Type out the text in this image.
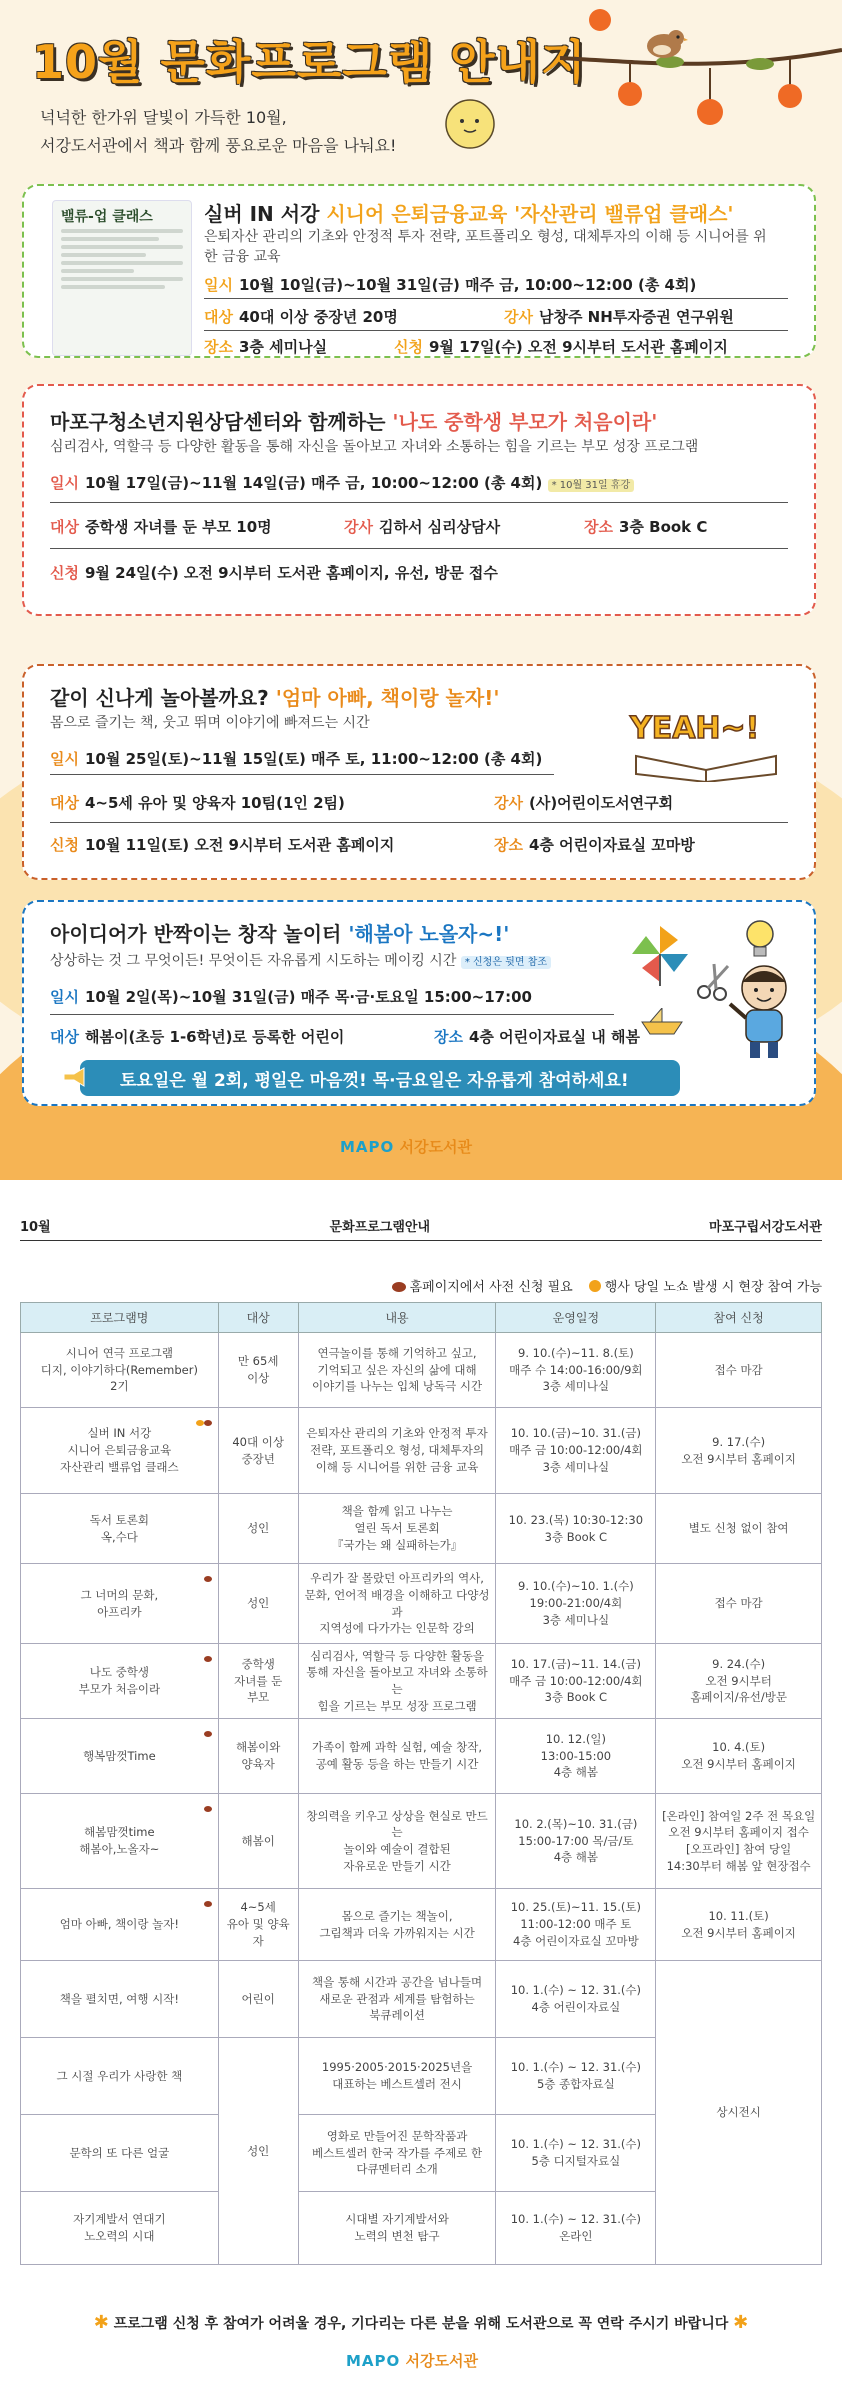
10월 문화프로그램 안내지
넉넉한 한가위 달빛이 가득한 10월,
서강도서관에서 책과 함께 풍요로운 마음을 나눠요!
밸류-업 클래스	실버 IN 서강 시니어 은퇴금융교육 '자산관리 밸류업 클래스'
은퇴자산 관리의 기초와 안정적 투자 전략, 포트폴리오 형성, 대체투자의 이해 등 시니어를 위한 금융 교육
일시 10월 10일(금)~10월 31일(금) 매주 금, 10:00~12:00 (총 4회)
대상 40대 이상 중장년 20명	강사 남창주 NH투자증권 연구위원
장소 3층 세미나실	신청 9월 17일(수) 오전 9시부터 도서관 홈페이지
마포구청소년지원상담센터와 함께하는 '나도 중학생 부모가 처음이라'
심리검사, 역할극 등 다양한 활동을 통해 자신을 돌아보고 자녀와 소통하는 힘을 기르는 부모 성장 프로그램
일시 10월 17일(금)~11월 14일(금) 매주 금, 10:00~12:00 (총 4회) * 10월 31일 휴강
대상 중학생 자녀를 둔 부모 10명	강사 김하서 심리상담사	장소 3층 Book C
신청 9월 24일(수) 오전 9시부터 도서관 홈페이지, 유선, 방문 접수
같이 신나게 놀아볼까요? '엄마 아빠, 책이랑 놀자!'
몸으로 즐기는 책, 웃고 뛰며 이야기에 빠져드는 시간
일시 10월 25일(토)~11월 15일(토) 매주 토, 11:00~12:00 (총 4회)
대상 4~5세 유아 및 양육자 10팀(1인 2팀)	강사 (사)어린이도서연구회
신청 10월 11일(토) 오전 9시부터 도서관 홈페이지	장소 4층 어린이자료실 꼬마방
YEAH~!
아이디어가 반짝이는 창작 놀이터 '해봄아 노올자~!'
상상하는 것 그 무엇이든! 무엇이든 자유롭게 시도하는 메이킹 시간 * 신청은 뒷면 참조
일시 10월 2일(목)~10월 31일(금) 매주 목·금·토요일 15:00~17:00
대상 해봄이(초등 1-6학년)로 등록한 어린이	장소 4층 어린이자료실 내 해봄
토요일은 월 2회, 평일은 마음껏! 목·금요일은 자유롭게 참여하세요!
MAPO 서강도서관
10월	문화프로그램안내	마포구립서강도서관
홈페이지에서 사전 신청 필요	행사 당일 노쇼 발생 시 현장 참여 가능
프로그램명	대상	내용	운영일정	참여 신청
시니어 연극 프로그램
디지, 이야기하다(Remember)
2기	만 65세
이상	연극놀이를 통해 기억하고 싶고,
기억되고 싶은 자신의 삶에 대해
이야기를 나누는 입체 낭독극 시간	9. 10.(수)~11. 8.(토)
매주 수 14:00-16:00/9회
3층 세미나실	접수 마감
실버 IN 서강
시니어 은퇴금융교육
자산관리 밸류업 클래스	40대 이상
중장년	은퇴자산 관리의 기초와 안정적 투자
전략, 포트폴리오 형성, 대체투자의
이해 등 시니어를 위한 금융 교육	10. 10.(금)~10. 31.(금)
매주 금 10:00-12:00/4회
3층 세미나실	9. 17.(수)
오전 9시부터 홈페이지
독서 토론회
옥,수다	성인	책을 함께 읽고 나누는
열린 독서 토론회
『국가는 왜 실패하는가』	10. 23.(목) 10:30-12:30
3층 Book C	별도 신청 없이 참여
그 너머의 문화,
아프리카	성인	우리가 잘 몰랐던 아프리카의 역사,
문화, 언어적 배경을 이해하고 다양성과
지역성에 다가가는 인문학 강의	9. 10.(수)~10. 1.(수)
19:00-21:00/4회
3층 세미나실	접수 마감
나도 중학생
부모가 처음이라	중학생
자녀를 둔
부모	심리검사, 역할극 등 다양한 활동을
통해 자신을 돌아보고 자녀와 소통하는
힘을 기르는 부모 성장 프로그램	10. 17.(금)~11. 14.(금)
매주 금 10:00-12:00/4회
3층 Book C	9. 24.(수)
오전 9시부터
홈페이지/유선/방문
행복맘껏Time	해봄이와
양육자	가족이 함께 과학 실험, 예술 창작,
공예 활동 등을 하는 만들기 시간	10. 12.(일)
13:00-15:00
4층 해봄	10. 4.(토)
오전 9시부터 홈페이지
해봄맘껏time
해봄아,노올자~	해봄이	창의력을 키우고 상상을 현실로 만드는
놀이와 예술이 결합된
자유로운 만들기 시간	10. 2.(목)~10. 31.(금)
15:00-17:00 목/금/토
4층 해봄	[온라인] 참여일 2주 전 목요일
오전 9시부터 홈페이지 접수
[오프라인] 참여 당일
14:30부터 해봄 앞 현장접수
엄마 아빠, 책이랑 놀자!	4~5세
유아 및 양육자	몸으로 즐기는 책놀이,
그림책과 더욱 가까워지는 시간	10. 25.(토)~11. 15.(토)
11:00-12:00 매주 토
4층 어린이자료실 꼬마방	10. 11.(토)
오전 9시부터 홈페이지
책을 펼치면, 여행 시작!	어린이	책을 통해 시간과 공간을 넘나들며
새로운 관점과 세계를 탐험하는
북큐레이션	10. 1.(수) ~ 12. 31.(수)
4층 어린이자료실	상시전시
그 시절 우리가 사랑한 책	성인	1995·2005·2015·2025년을
대표하는 베스트셀러 전시	10. 1.(수) ~ 12. 31.(수)
5층 종합자료실	
문학의 또 다른 얼굴		영화로 만들어진 문학작품과
베스트셀러 한국 작가를 주제로 한
다큐멘터리 소개	10. 1.(수) ~ 12. 31.(수)
5층 디지털자료실	
자기계발서 연대기
노오력의 시대		시대별 자기계발서와
노력의 변천 탐구	10. 1.(수) ~ 12. 31.(수)
온라인	
✱ 프로그램 신청 후 참여가 어려울 경우, 기다리는 다른 분을 위해 도서관으로 꼭 연락 주시기 바랍니다 ✱
MAPO 서강도서관
